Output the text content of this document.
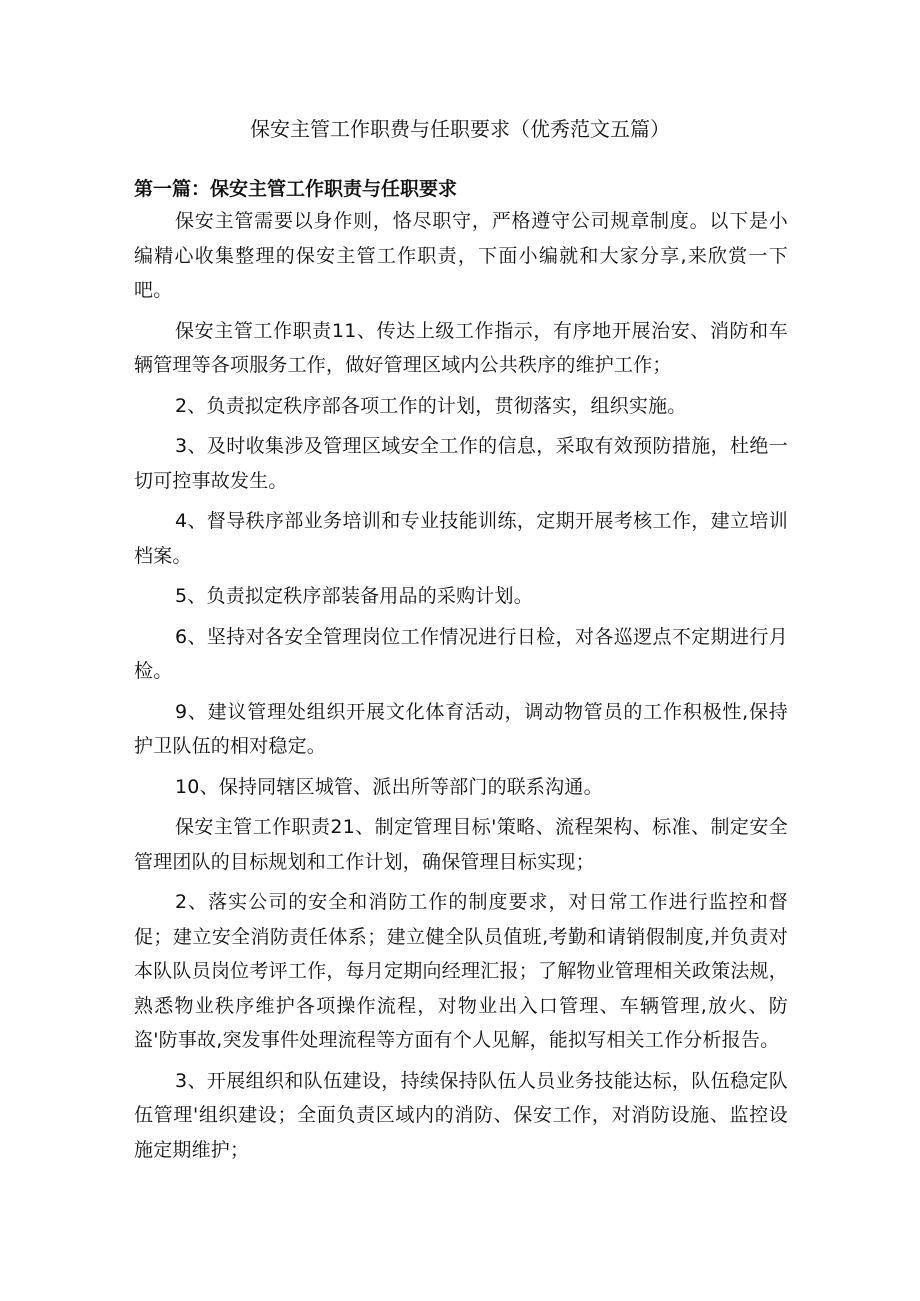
保安主管工作职费与任职要求（优秀范文五篇）
第一篇：保安主管工作职责与任职要求

保安主管需要以身作则，恪尽职守，严格遵守公司规章制度。以下是小编精心收集整理的保安主管工作职责，下面小编就和大家分享,来欣赏一下吧。

保安主管工作职责11、传达上级工作指示，有序地开展治安、消防和车辆管理等各项服务工作，做好管理区域内公共秩序的维护工作；

2、负责拟定秩序部各项工作的计划，贯彻落实，组织实施。

3、及时收集涉及管理区域安全工作的信息，采取有效预防措施，杜绝一切可控事故发生。

4、督导秩序部业务培训和专业技能训练，定期开展考核工作，建立培训档案。

5、负责拟定秩序部装备用品的采购计划。

6、坚持对各安全管理岗位工作情况进行日检，对各巡逻点不定期进行月检。

9、建议管理处组织开展文化体育活动，调动物管员的工作积极性,保持护卫队伍的相对稳定。

10、保持同辖区城管、派出所等部门的联系沟通。

保安主管工作职责21、制定管理目标'策略、流程架构、标准、制定安全管理团队的目标规划和工作计划，确保管理目标实现；

2、落实公司的安全和消防工作的制度要求，对日常工作进行监控和督促；建立安全消防责任体系；建立健全队员值班,考勤和请销假制度,并负责对本队队员岗位考评工作，每月定期向经理汇报；了解物业管理相关政策法规，熟悉物业秩序维护各项操作流程，对物业出入口管理、车辆管理,放火、防盗'防事故,突发事件处理流程等方面有个人见解，能拟写相关工作分析报告。

3、开展组织和队伍建设，持续保持队伍人员业务技能达标，队伍稳定队伍管理'组织建设；全面负责区域内的消防、保安工作，对消防设施、监控设施定期维护；
